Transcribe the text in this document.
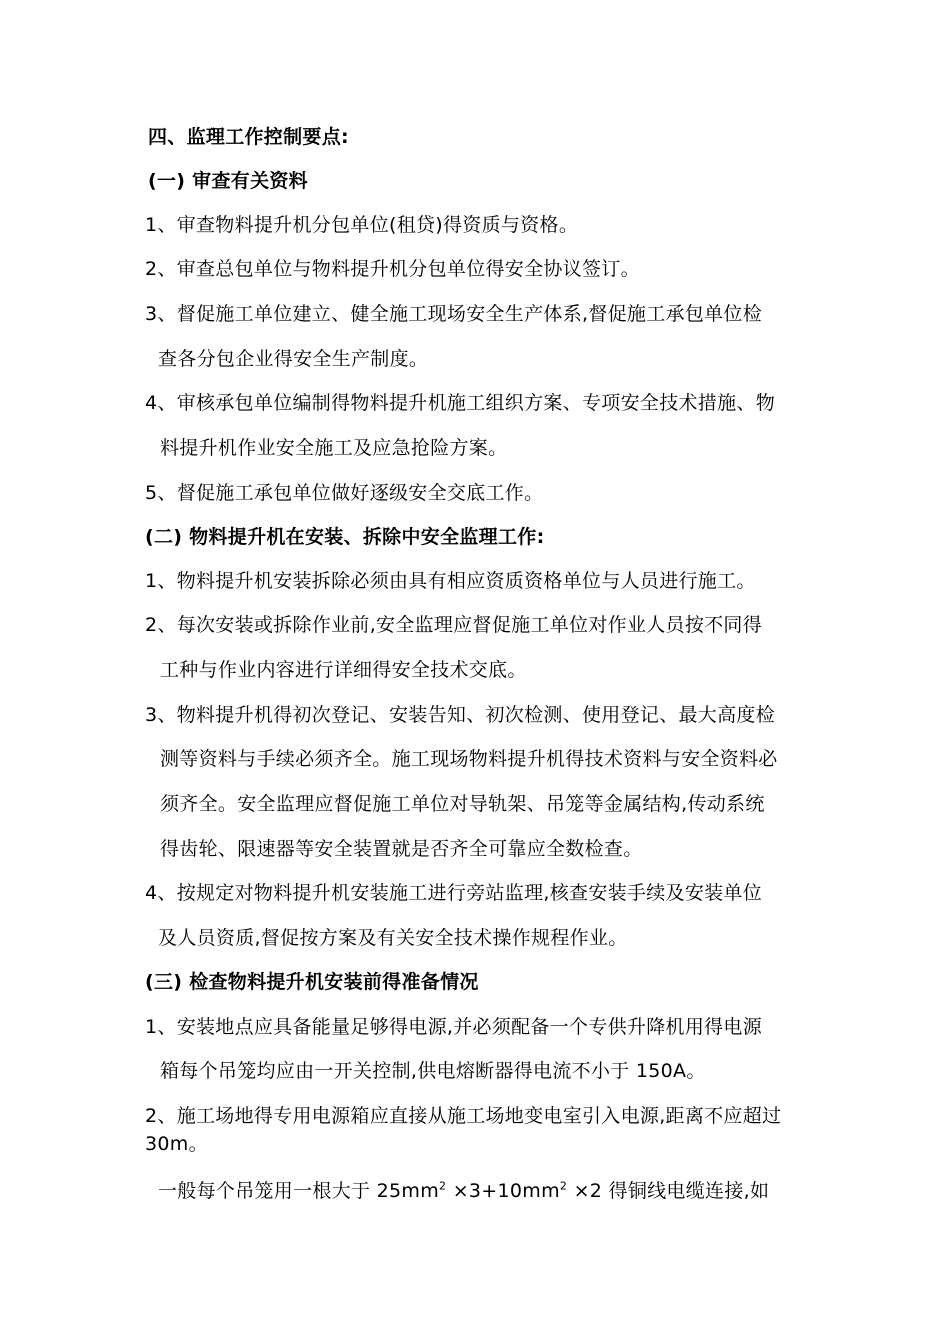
四、监理工作控制要点:
(一) 审查有关资料
1、审查物料提升机分包单位(租贷)得资质与资格。
2、审查总包单位与物料提升机分包单位得安全协议签订。
3、督促施工单位建立、健全施工现场安全生产体系,督促施工承包单位检
查各分包企业得安全生产制度。
4、审核承包单位编制得物料提升机施工组织方案、专项安全技术措施、物
料提升机作业安全施工及应急抢险方案。
5、督促施工承包单位做好逐级安全交底工作。
(二) 物料提升机在安装、拆除中安全监理工作:
1、物料提升机安装拆除必须由具有相应资质资格单位与人员进行施工。
2、每次安装或拆除作业前,安全监理应督促施工单位对作业人员按不同得
工种与作业内容进行详细得安全技术交底。
3、物料提升机得初次登记、安装告知、初次检测、使用登记、最大高度检
测等资料与手续必须齐全。施工现场物料提升机得技术资料与安全资料必
须齐全。安全监理应督促施工单位对导轨架、吊笼等金属结构,传动系统
得齿轮、限速器等安全装置就是否齐全可靠应全数检查。
4、按规定对物料提升机安装施工进行旁站监理,核查安装手续及安装单位
及人员资质,督促按方案及有关安全技术操作规程作业。
(三) 检查物料提升机安装前得准备情况
1、安装地点应具备能量足够得电源,并必须配备一个专供升降机用得电源
箱每个吊笼均应由一开关控制,供电熔断器得电流不小于 150A。
2、施工场地得专用电源箱应直接从施工场地变电室引入电源,距离不应超过
30m。
一般每个吊笼用一根大于 $25mm^2 \times 3+10mm^2 \times 2$ 得铜线电缆连接,如
